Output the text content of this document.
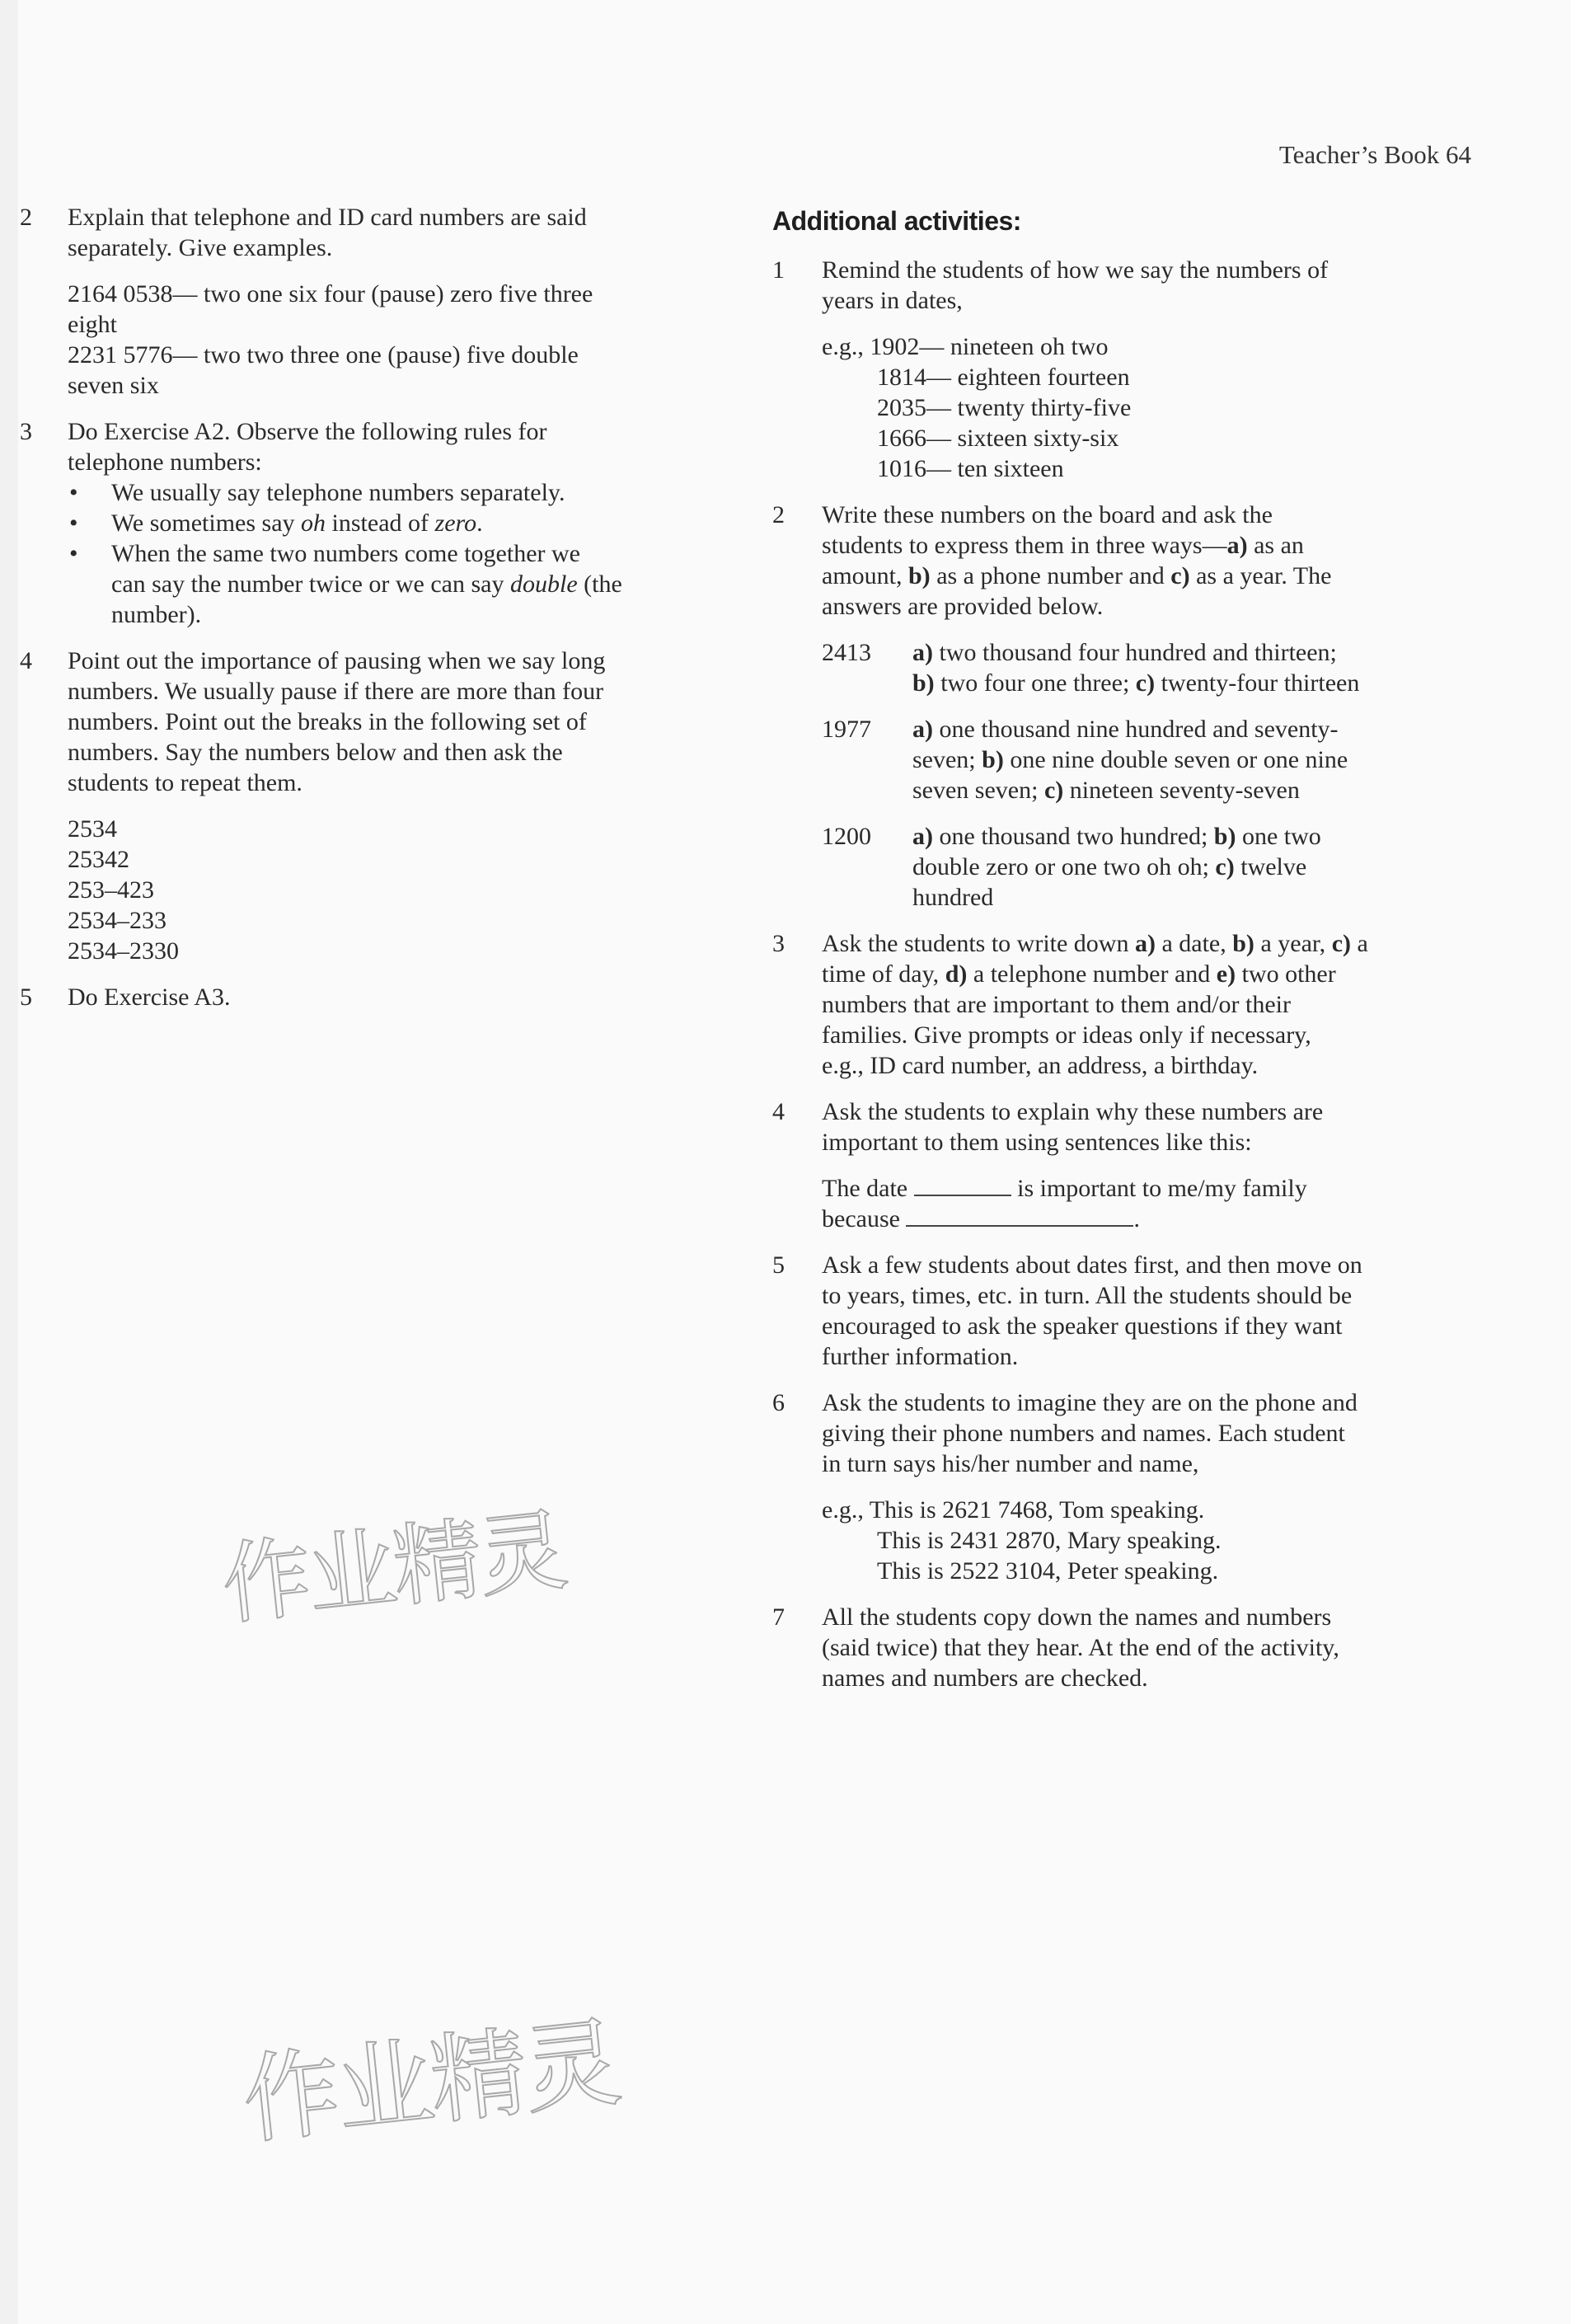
Teacher’s Book 64
2 Explain that telephone and ID card numbers are said
separately. Give examples.
2164 0538— two one six four (pause) zero five three
eight
2231 5776— two two three one (pause) five double
seven six
3 Do Exercise A2. Observe the following rules for
telephone numbers:
• We usually say telephone numbers separately.
• We sometimes say oh instead of zero.
• When the same two numbers come together we
can say the number twice or we can say double (the
number).
4 Point out the importance of pausing when we say long
numbers. We usually pause if there are more than four
numbers. Point out the breaks in the following set of
numbers. Say the numbers below and then ask the
students to repeat them.
2534
25342
253–423
2534–233
2534–2330
5 Do Exercise A3.
Additional activities:
1 Remind the students of how we say the numbers of
years in dates,
e.g., 1902— nineteen oh two
1814— eighteen fourteen
2035— twenty thirty-five
1666— sixteen sixty-six
1016— ten sixteen
2 Write these numbers on the board and ask the
students to express them in three ways—a) as an
amount, b) as a phone number and c) as a year. The
answers are provided below.
2413 a) two thousand four hundred and thirteen;
b) two four one three; c) twenty-four thirteen
1977 a) one thousand nine hundred and seventy-
seven; b) one nine double seven or one nine
seven seven; c) nineteen seventy-seven
1200 a) one thousand two hundred; b) one two
double zero or one two oh oh; c) twelve
hundred
3 Ask the students to write down a) a date, b) a year, c) a
time of day, d) a telephone number and e) two other
numbers that are important to them and/or their
families. Give prompts or ideas only if necessary,
e.g., ID card number, an address, a birthday.
4 Ask the students to explain why these numbers are
important to them using sentences like this:
The date	is important to me/my family
because	.
5 Ask a few students about dates first, and then move on
to years, times, etc. in turn. All the students should be
encouraged to ask the speaker questions if they want
further information.
6 Ask the students to imagine they are on the phone and
giving their phone numbers and names. Each student
in turn says his/her number and name,
e.g., This is 2621 7468, Tom speaking.
This is 2431 2870, Mary speaking.
This is 2522 3104, Peter speaking.
7 All the students copy down the names and numbers
(said twice) that they hear. At the end of the activity,
names and numbers are checked.
作业精灵
作业精灵
